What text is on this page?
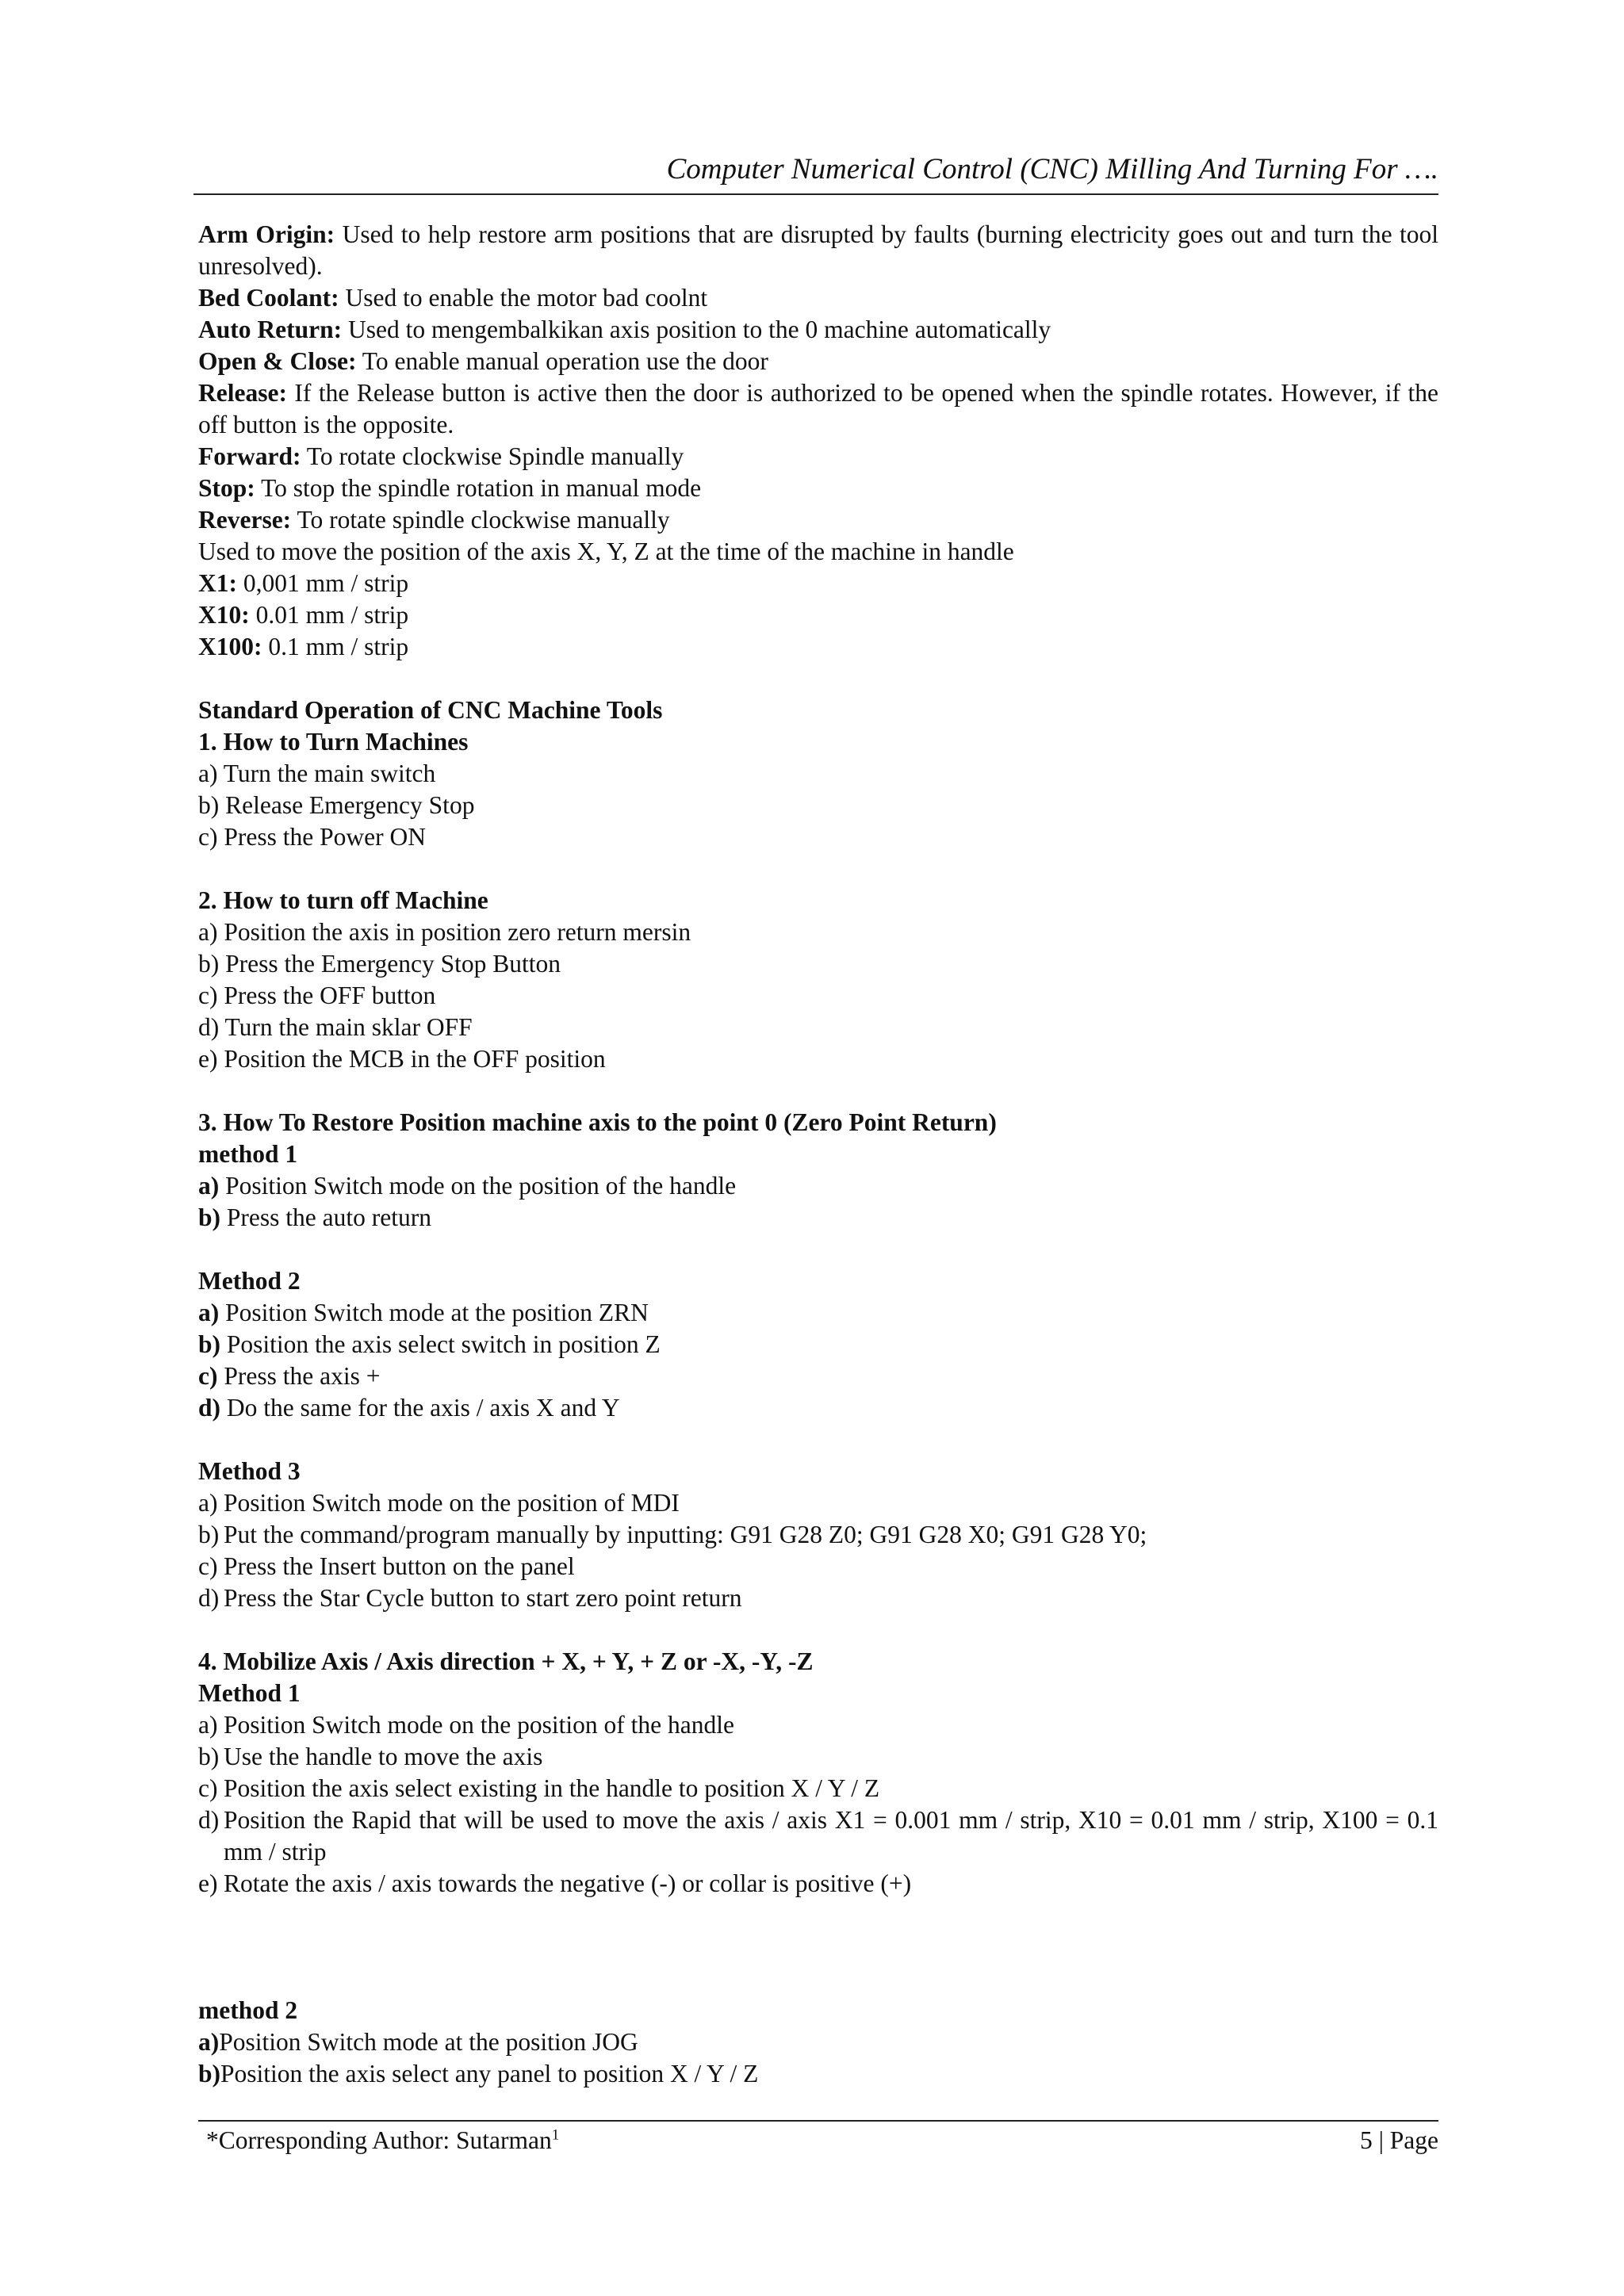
Computer Numerical Control (CNC) Milling And Turning For ….

Arm Origin: Used to help restore arm positions that are disrupted by faults (burning electricity goes out and turn the tool unresolved).

Bed Coolant: Used to enable the motor bad coolnt

Auto Return: Used to mengembalkikan axis position to the 0 machine automatically

Open & Close: To enable manual operation use the door

Release: If the Release button is active then the door is authorized to be opened when the spindle rotates. However, if the off button is the opposite.

Forward: To rotate clockwise Spindle manually

Stop: To stop the spindle rotation in manual mode

Reverse: To rotate spindle clockwise manually

Used to move the position of the axis X, Y, Z at the time of the machine in handle

X1: 0,001 mm / strip

X10: 0.01 mm / strip

X100: 0.1 mm / strip

Standard Operation of CNC Machine Tools

1. How to Turn Machines

a) Turn the main switch

b) Release Emergency Stop

c) Press the Power ON

2. How to turn off Machine

a) Position the axis in position zero return mersin

b) Press the Emergency Stop Button

c) Press the OFF button

d) Turn the main sklar OFF

e) Position the MCB in the OFF position

3. How To Restore Position machine axis to the point 0 (Zero Point Return)

method 1

a) Position Switch mode on the position of the handle

b) Press the auto return

Method 2

a) Position Switch mode at the position ZRN

b) Position the axis select switch in position Z

c) Press the axis +

d) Do the same for the axis / axis X and Y

Method 3

a) Position Switch mode on the position of MDI
b) Put the command/program manually by inputting: G91 G28 Z0; G91 G28 X0; G91 G28 Y0;
c) Press the Insert button on the panel
d) Press the Star Cycle button to start zero point return

4. Mobilize Axis / Axis direction + X, + Y, + Z or -X, -Y, -Z

Method 1

a) Position Switch mode on the position of the handle
b) Use the handle to move the axis
c) Position the axis select existing in the handle to position X / Y / Z
d) Position the Rapid that will be used to move the axis / axis X1 = 0.001 mm / strip, X10 = 0.01 mm / strip, X100 = 0.1 mm / strip
e) Rotate the axis / axis towards the negative (-) or collar is positive (+)

method 2

a)Position Switch mode at the position JOG

b)Position the axis select any panel to position X / Y / Z

*Corresponding Author: Sutarman$^1$	5 | Page
